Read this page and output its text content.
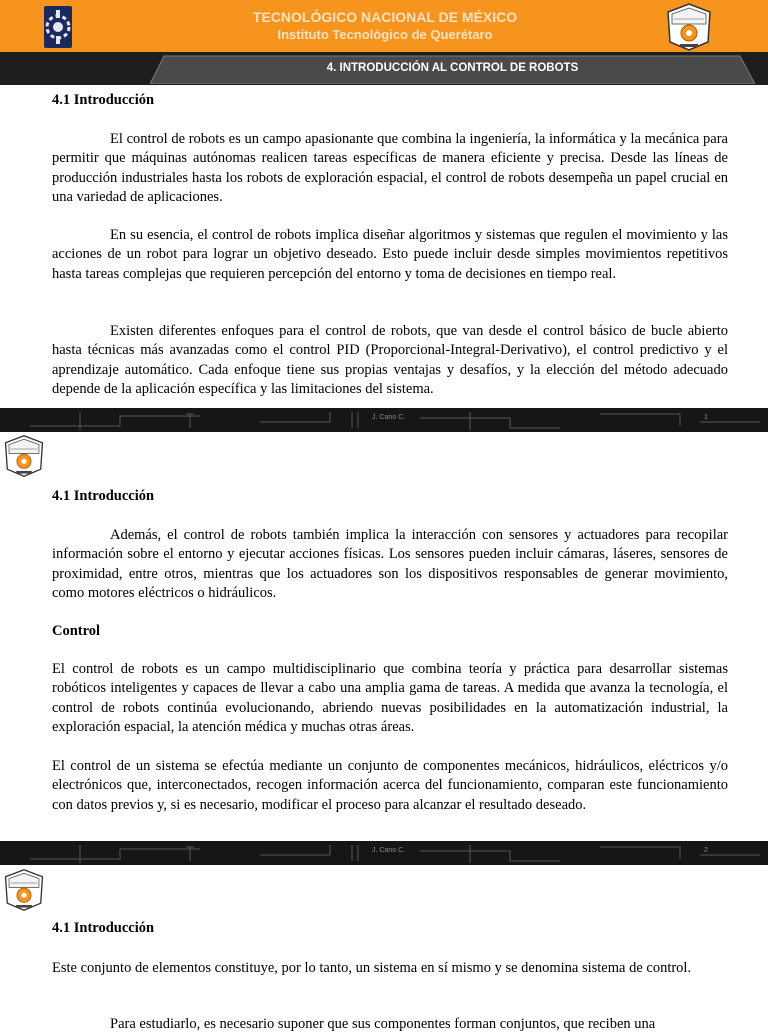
TECNOLÓGICO NACIONAL DE MÉXICO
Instituto Tecnológico de Querétaro
4. INTRODUCCIÓN AL CONTROL DE ROBOTS

4.1 Introducción

El control de robots es un campo apasionante que combina la ingeniería, la informática y la mecánica para permitir que máquinas autónomas realicen tareas específicas de manera eficiente y precisa. Desde las líneas de producción industriales hasta los robots de exploración espacial, el control de robots desempeña un papel crucial en una variedad de aplicaciones.

En su esencia, el control de robots implica diseñar algoritmos y sistemas que regulen el movimiento y las acciones de un robot para lograr un objetivo deseado. Esto puede incluir desde simples movimientos repetitivos hasta tareas complejas que requieren percepción del entorno y toma de decisiones en tiempo real.

Existen diferentes enfoques para el control de robots, que van desde el control básico de bucle abierto hasta técnicas más avanzadas como el control PID (Proporcional-Integral-Derivativo), el control predictivo y el aprendizaje automático. Cada enfoque tiene sus propias ventajas y desafíos, y la elección del método adecuado depende de la aplicación específica y las limitaciones del sistema.

J. Cano C.	1

4.1 Introducción

Además, el control de robots también implica la interacción con sensores y actuadores para recopilar información sobre el entorno y ejecutar acciones físicas. Los sensores pueden incluir cámaras, láseres, sensores de proximidad, entre otros, mientras que los actuadores son los dispositivos responsables de generar movimiento, como motores eléctricos o hidráulicos.

Control

El control de robots es un campo multidisciplinario que combina teoría y práctica para desarrollar sistemas robóticos inteligentes y capaces de llevar a cabo una amplia gama de tareas. A medida que avanza la tecnología, el control de robots continúa evolucionando, abriendo nuevas posibilidades en la automatización industrial, la exploración espacial, la atención médica y muchas otras áreas.

El control de un sistema se efectúa mediante un conjunto de componentes mecánicos, hidráulicos, eléctricos y/o electrónicos que, interconectados, recogen información acerca del funcionamiento, comparan este funcionamiento con datos previos y, si es necesario, modificar el proceso para alcanzar el resultado deseado.

J. Cano C.	2

4.1 Introducción

Este conjunto de elementos constituye, por lo tanto, un sistema en sí mismo y se denomina sistema de control.

Para estudiarlo, es necesario suponer que sus componentes forman conjuntos, que reciben una
